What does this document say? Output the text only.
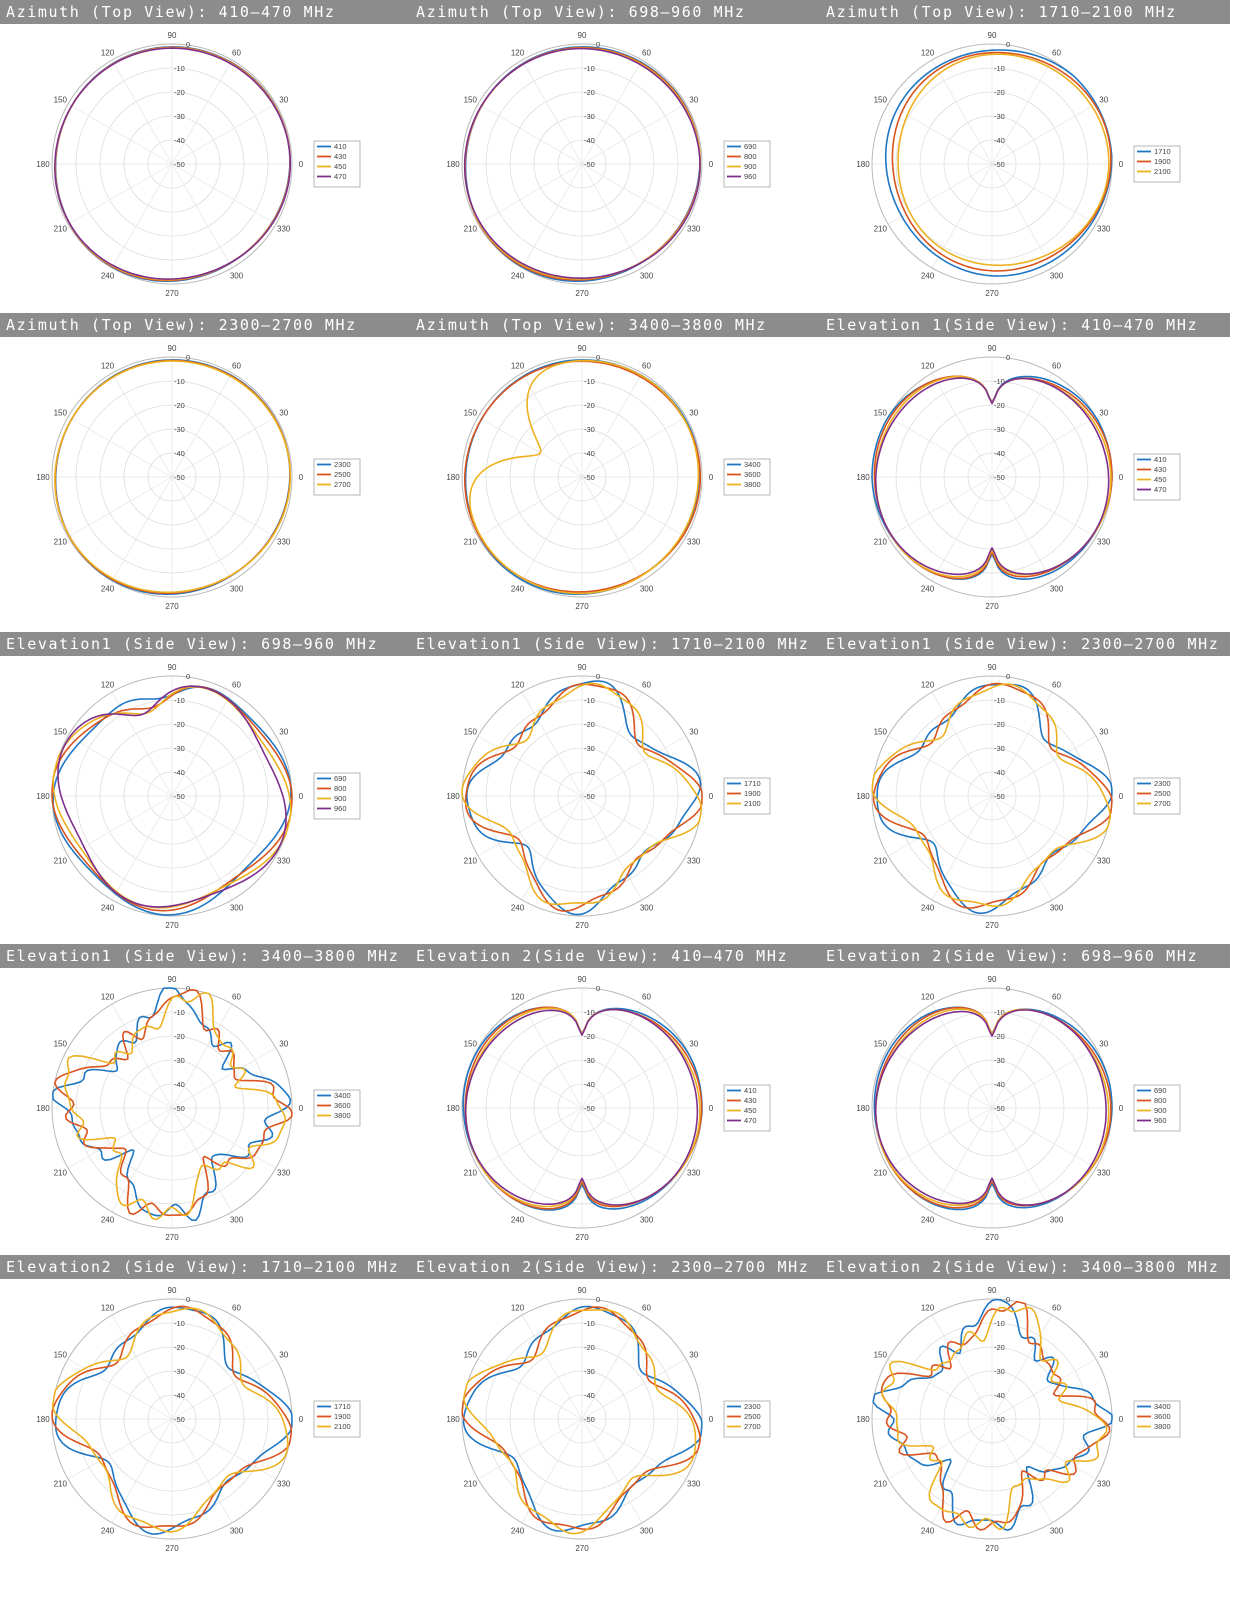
Azimuth (Top View): 410–470 MHz
0
30
60
90
120
150
180
210
240
270
300
330
-10
-20
-30
-40
-50
0
410
430
450
470
Azimuth (Top View): 698–960 MHz
0
30
60
90
120
150
180
210
240
270
300
330
-10
-20
-30
-40
-50
0
690
800
900
960
Azimuth (Top View): 1710–2100 MHz
0
30
60
90
120
150
180
210
240
270
300
330
-10
-20
-30
-40
-50
0
1710
1900
2100
Azimuth (Top View): 2300–2700 MHz
0
30
60
90
120
150
180
210
240
270
300
330
-10
-20
-30
-40
-50
0
2300
2500
2700
Azimuth (Top View): 3400–3800 MHz
0
30
60
90
120
150
180
210
240
270
300
330
-10
-20
-30
-40
-50
0
3400
3600
3800
Elevation 1(Side View): 410–470 MHz
0
30
60
90
120
150
180
210
240
270
300
330
-10
-20
-30
-40
-50
0
410
430
450
470
Elevation1 (Side View): 698–960 MHz
0
30
60
90
120
150
180
210
240
270
300
330
-10
-20
-30
-40
-50
0
690
800
900
960
Elevation1 (Side View): 1710–2100 MHz
0
30
60
90
120
150
180
210
240
270
300
330
-10
-20
-30
-40
-50
0
1710
1900
2100
Elevation1 (Side View): 2300–2700 MHz
0
30
60
90
120
150
180
210
240
270
300
330
-10
-20
-30
-40
-50
0
2300
2500
2700
Elevation1 (Side View): 3400–3800 MHz
0
30
60
90
120
150
180
210
240
270
300
330
-10
-20
-30
-40
-50
0
3400
3600
3800
Elevation 2(Side View): 410–470 MHz
0
30
60
90
120
150
180
210
240
270
300
330
-10
-20
-30
-40
-50
0
410
430
450
470
Elevation 2(Side View): 698–960 MHz
0
30
60
90
120
150
180
210
240
270
300
330
-10
-20
-30
-40
-50
0
690
800
900
960
Elevation2 (Side View): 1710–2100 MHz
0
30
60
90
120
150
180
210
240
270
300
330
-10
-20
-30
-40
-50
0
1710
1900
2100
Elevation 2(Side View): 2300–2700 MHz
0
30
60
90
120
150
180
210
240
270
300
330
-10
-20
-30
-40
-50
0
2300
2500
2700
Elevation 2(Side View): 3400–3800 MHz
0
30
60
90
120
150
180
210
240
270
300
330
-10
-20
-30
-40
-50
0
3400
3600
3800
